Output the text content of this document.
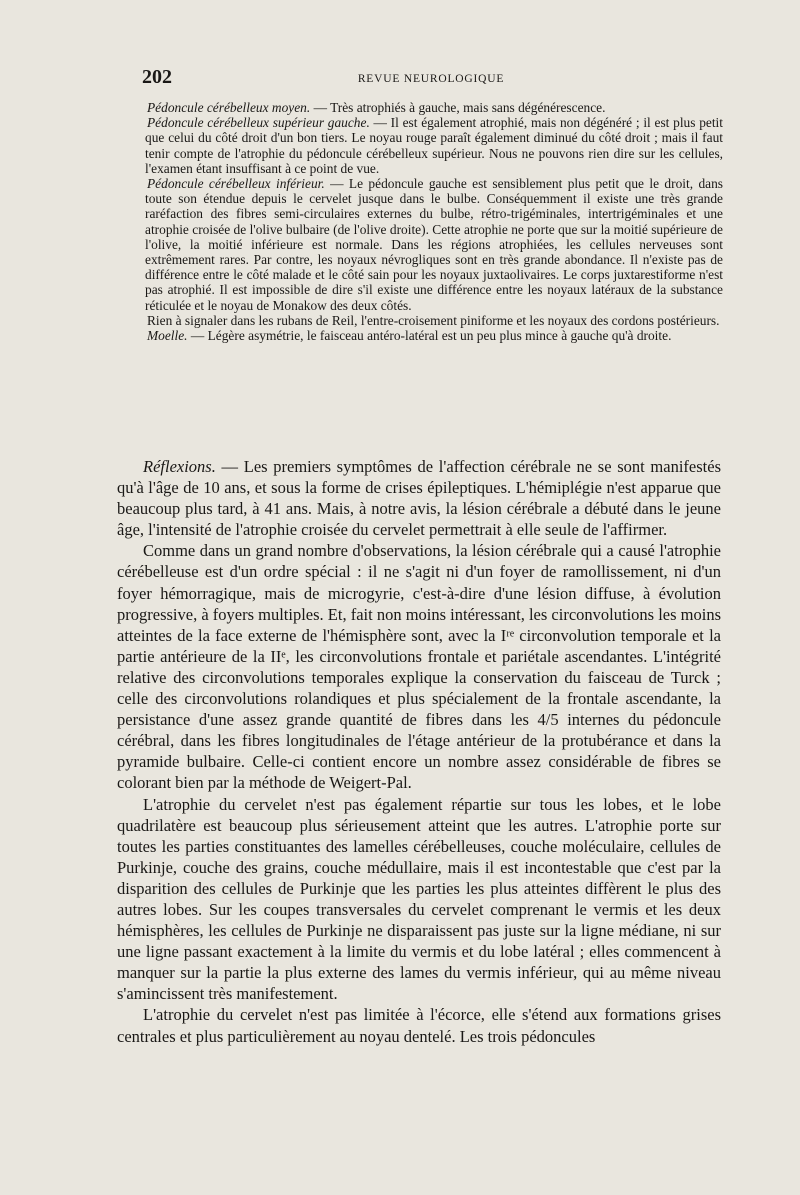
202	REVUE NEUROLOGIQUE

Pédoncule cérébelleux moyen. — Très atrophiés à gauche, mais sans dégénérescence.

Pédoncule cérébelleux supérieur gauche. — Il est également atrophié, mais non dégénéré ; il est plus petit que celui du côté droit d'un bon tiers. Le noyau rouge paraît également diminué du côté droit ; mais il faut tenir compte de l'atrophie du pédoncule cérébelleux supérieur. Nous ne pouvons rien dire sur les cellules, l'examen étant insuffisant à ce point de vue.

Pédoncule cérébelleux inférieur. — Le pédoncule gauche est sensiblement plus petit que le droit, dans toute son étendue depuis le cervelet jusque dans le bulbe. Conséquemment il existe une très grande raréfaction des fibres semi-circulaires externes du bulbe, rétro-trigéminales, intertrigéminales et une atrophie croisée de l'olive bulbaire (de l'olive droite). Cette atrophie ne porte que sur la moitié supérieure de l'olive, la moitié inférieure est normale. Dans les régions atrophiées, les cellules nerveuses sont extrêmement rares. Par contre, les noyaux névrogliques sont en très grande abondance. Il n'existe pas de différence entre le côté malade et le côté sain pour les noyaux juxtaolivaires. Le corps juxtarestiforme n'est pas atrophié. Il est impossible de dire s'il existe une différence entre les noyaux latéraux de la substance réticulée et le noyau de Monakow des deux côtés.

Rien à signaler dans les rubans de Reil, l'entre-croisement piniforme et les noyaux des cordons postérieurs.

Moelle. — Légère asymétrie, le faisceau antéro-latéral est un peu plus mince à gauche qu'à droite.

Réflexions. — Les premiers symptômes de l'affection cérébrale ne se sont manifestés qu'à l'âge de 10 ans, et sous la forme de crises épileptiques. L'hémiplégie n'est apparue que beaucoup plus tard, à 41 ans. Mais, à notre avis, la lésion cérébrale a débuté dans le jeune âge, l'intensité de l'atrophie croisée du cervelet permettrait à elle seule de l'affirmer.

Comme dans un grand nombre d'observations, la lésion cérébrale qui a causé l'atrophie cérébelleuse est d'un ordre spécial : il ne s'agit ni d'un foyer de ramollissement, ni d'un foyer hémorragique, mais de microgyrie, c'est-à-dire d'une lésion diffuse, à évolution progressive, à foyers multiples. Et, fait non moins intéressant, les circonvolutions les moins atteintes de la face externe de l'hémisphère sont, avec la Iʳᵉ circonvolution temporale et la partie antérieure de la IIᵉ, les circonvolutions frontale et pariétale ascendantes. L'intégrité relative des circonvolutions temporales explique la conservation du faisceau de Turck ; celle des circonvolutions rolandiques et plus spécialement de la frontale ascendante, la persistance d'une assez grande quantité de fibres dans les 4/5 internes du pédoncule cérébral, dans les fibres longitudinales de l'étage antérieur de la protubérance et dans la pyramide bulbaire. Celle-ci contient encore un nombre assez considérable de fibres se colorant bien par la méthode de Weigert-Pal.

L'atrophie du cervelet n'est pas également répartie sur tous les lobes, et le lobe quadrilatère est beaucoup plus sérieusement atteint que les autres. L'atrophie porte sur toutes les parties constituantes des lamelles cérébelleuses, couche moléculaire, cellules de Purkinje, couche des grains, couche médullaire, mais il est incontestable que c'est par la disparition des cellules de Purkinje que les parties les plus atteintes diffèrent le plus des autres lobes. Sur les coupes transversales du cervelet comprenant le vermis et les deux hémisphères, les cellules de Purkinje ne disparaissent pas juste sur la ligne médiane, ni sur une ligne passant exactement à la limite du vermis et du lobe latéral ; elles commencent à manquer sur la partie la plus externe des lames du vermis inférieur, qui au même niveau s'amincissent très manifestement.

L'atrophie du cervelet n'est pas limitée à l'écorce, elle s'étend aux formations grises centrales et plus particulièrement au noyau dentelé. Les trois pédoncules
